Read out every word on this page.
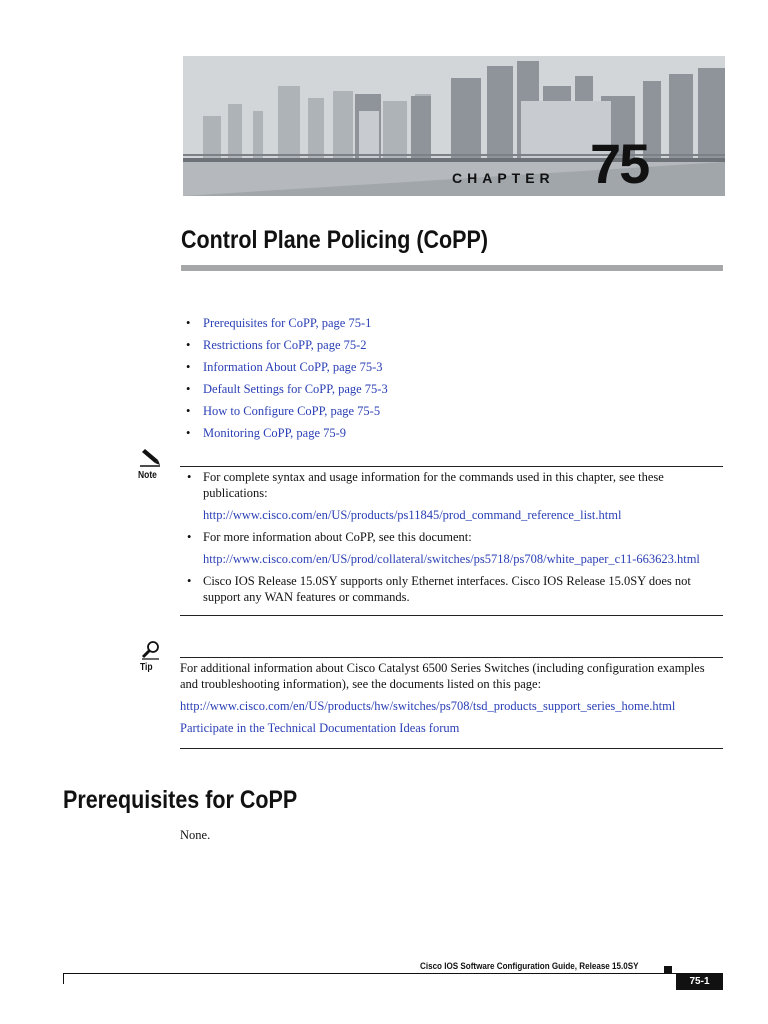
CHAPTER 75
Control Plane Policing (CoPP)
• Prerequisites for CoPP, page 75-1
• Restrictions for CoPP, page 75-2
• Information About CoPP, page 75-3
• Default Settings for CoPP, page 75-3
• How to Configure CoPP, page 75-5
• Monitoring CoPP, page 75-9
Note
•	For complete syntax and usage information for the commands used in this chapter, see these publications:
http://www.cisco.com/en/US/products/ps11845/prod_command_reference_list.html
• For more information about CoPP, see this document:
http://www.cisco.com/en/US/prod/collateral/switches/ps5718/ps708/white_paper_c11-663623.html
• Cisco IOS Release 15.0SY supports only Ethernet interfaces. Cisco IOS Release 15.0SY does not support any WAN features or commands.
Tip For additional information about Cisco Catalyst 6500 Series Switches (including configuration examples and troubleshooting information), see the documents listed on this page:
http://www.cisco.com/en/US/products/hw/switches/ps708/tsd_products_support_series_home.html
Participate in the Technical Documentation Ideas forum
Prerequisites for CoPP
None.
Cisco IOS Software Configuration Guide, Release 15.0SY
75-1
